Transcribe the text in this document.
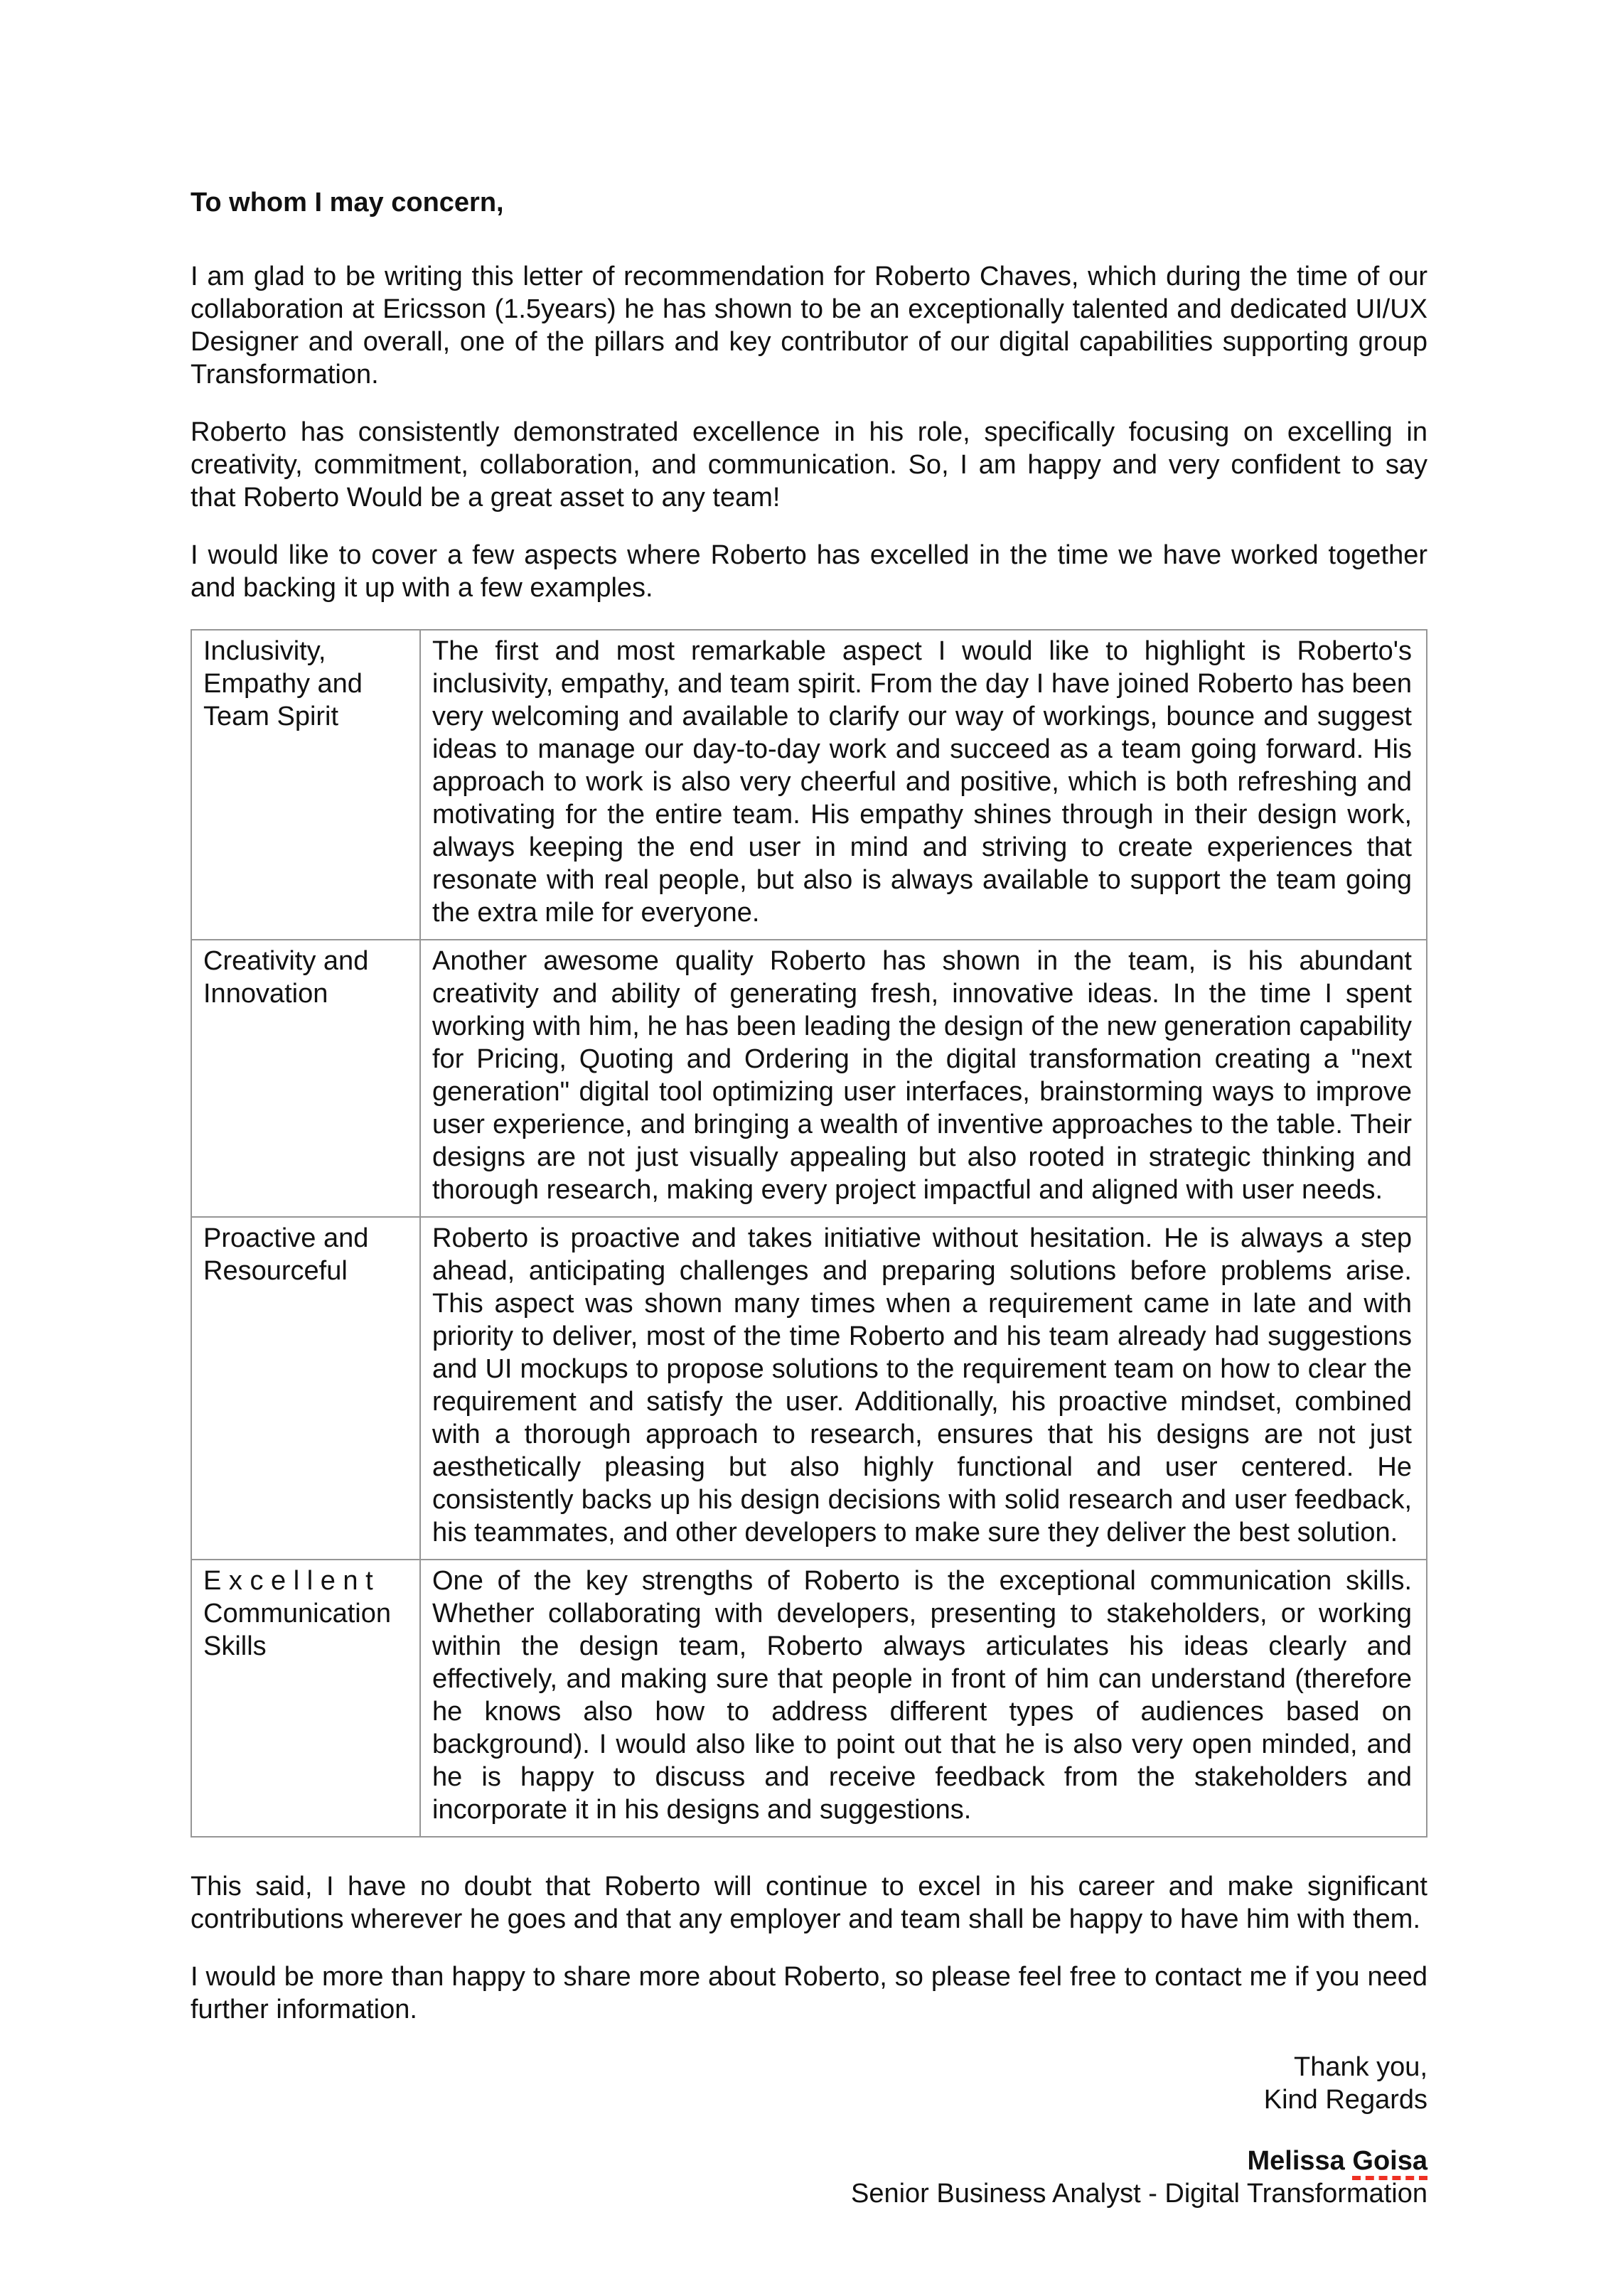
To whom I may concern,

I am glad to be writing this letter of recommendation for Roberto Chaves, which during the time of our collaboration at Ericsson (1.5years) he has shown to be an exceptionally talented and dedicated UI/UX Designer and overall, one of the pillars and key contributor of our digital capabilities supporting group Transformation.

Roberto has consistently demonstrated excellence in his role, specifically focusing on excelling in creativity, commitment, collaboration, and communication. So, I am happy and very confident to say that Roberto Would be a great asset to any team!

I would like to cover a few aspects where Roberto has excelled in the time we have worked together and backing it up with a few examples.

Inclusivity, Empathy and Team Spirit	The first and most remarkable aspect I would like to highlight is Roberto's inclusivity, empathy, and team spirit. From the day I have joined Roberto has been very welcoming and available to clarify our way of workings, bounce and suggest ideas to manage our day-to-day work and succeed as a team going forward. His approach to work is also very cheerful and positive, which is both refreshing and motivating for the entire team. His empathy shines through in their design work, always keeping the end user in mind and striving to create experiences that resonate with real people, but also is always available to support the team going the extra mile for everyone.
Creativity and Innovation	Another awesome quality Roberto has shown in the team, is his abundant creativity and ability of generating fresh, innovative ideas. In the time I spent working with him, he has been leading the design of the new generation capability for Pricing, Quoting and Ordering in the digital transformation creating a "next generation" digital tool optimizing user interfaces, brainstorming ways to improve user experience, and bringing a wealth of inventive approaches to the table. Their designs are not just visually appealing but also rooted in strategic thinking and thorough research, making every project impactful and aligned with user needs.
Proactive and Resourceful	Roberto is proactive and takes initiative without hesitation. He is always a step ahead, anticipating challenges and preparing solutions before problems arise. This aspect was shown many times when a requirement came in late and with priority to deliver, most of the time Roberto and his team already had suggestions and UI mockups to propose solutions to the requirement team on how to clear the requirement and satisfy the user. Additionally, his proactive mindset, combined with a thorough approach to research, ensures that his designs are not just aesthetically pleasing but also highly functional and user centered. He consistently backs up his design decisions with solid research and user feedback, his teammates, and other developers to make sure they deliver the best solution.
E x c e l l e n t Communication Skills	One of the key strengths of Roberto is the exceptional communication skills. Whether collaborating with developers, presenting to stakeholders, or working within the design team, Roberto always articulates his ideas clearly and effectively, and making sure that people in front of him can understand (therefore he knows also how to address different types of audiences based on background). I would also like to point out that he is also very open minded, and he is happy to discuss and receive feedback from the stakeholders and incorporate it in his designs and suggestions.

This said, I have no doubt that Roberto will continue to excel in his career and make significant contributions wherever he goes and that any employer and team shall be happy to have him with them.

I would be more than happy to share more about Roberto, so please feel free to contact me if you need further information.

Thank you,

Kind Regards

Melissa Goisa

Senior Business Analyst - Digital Transformation
